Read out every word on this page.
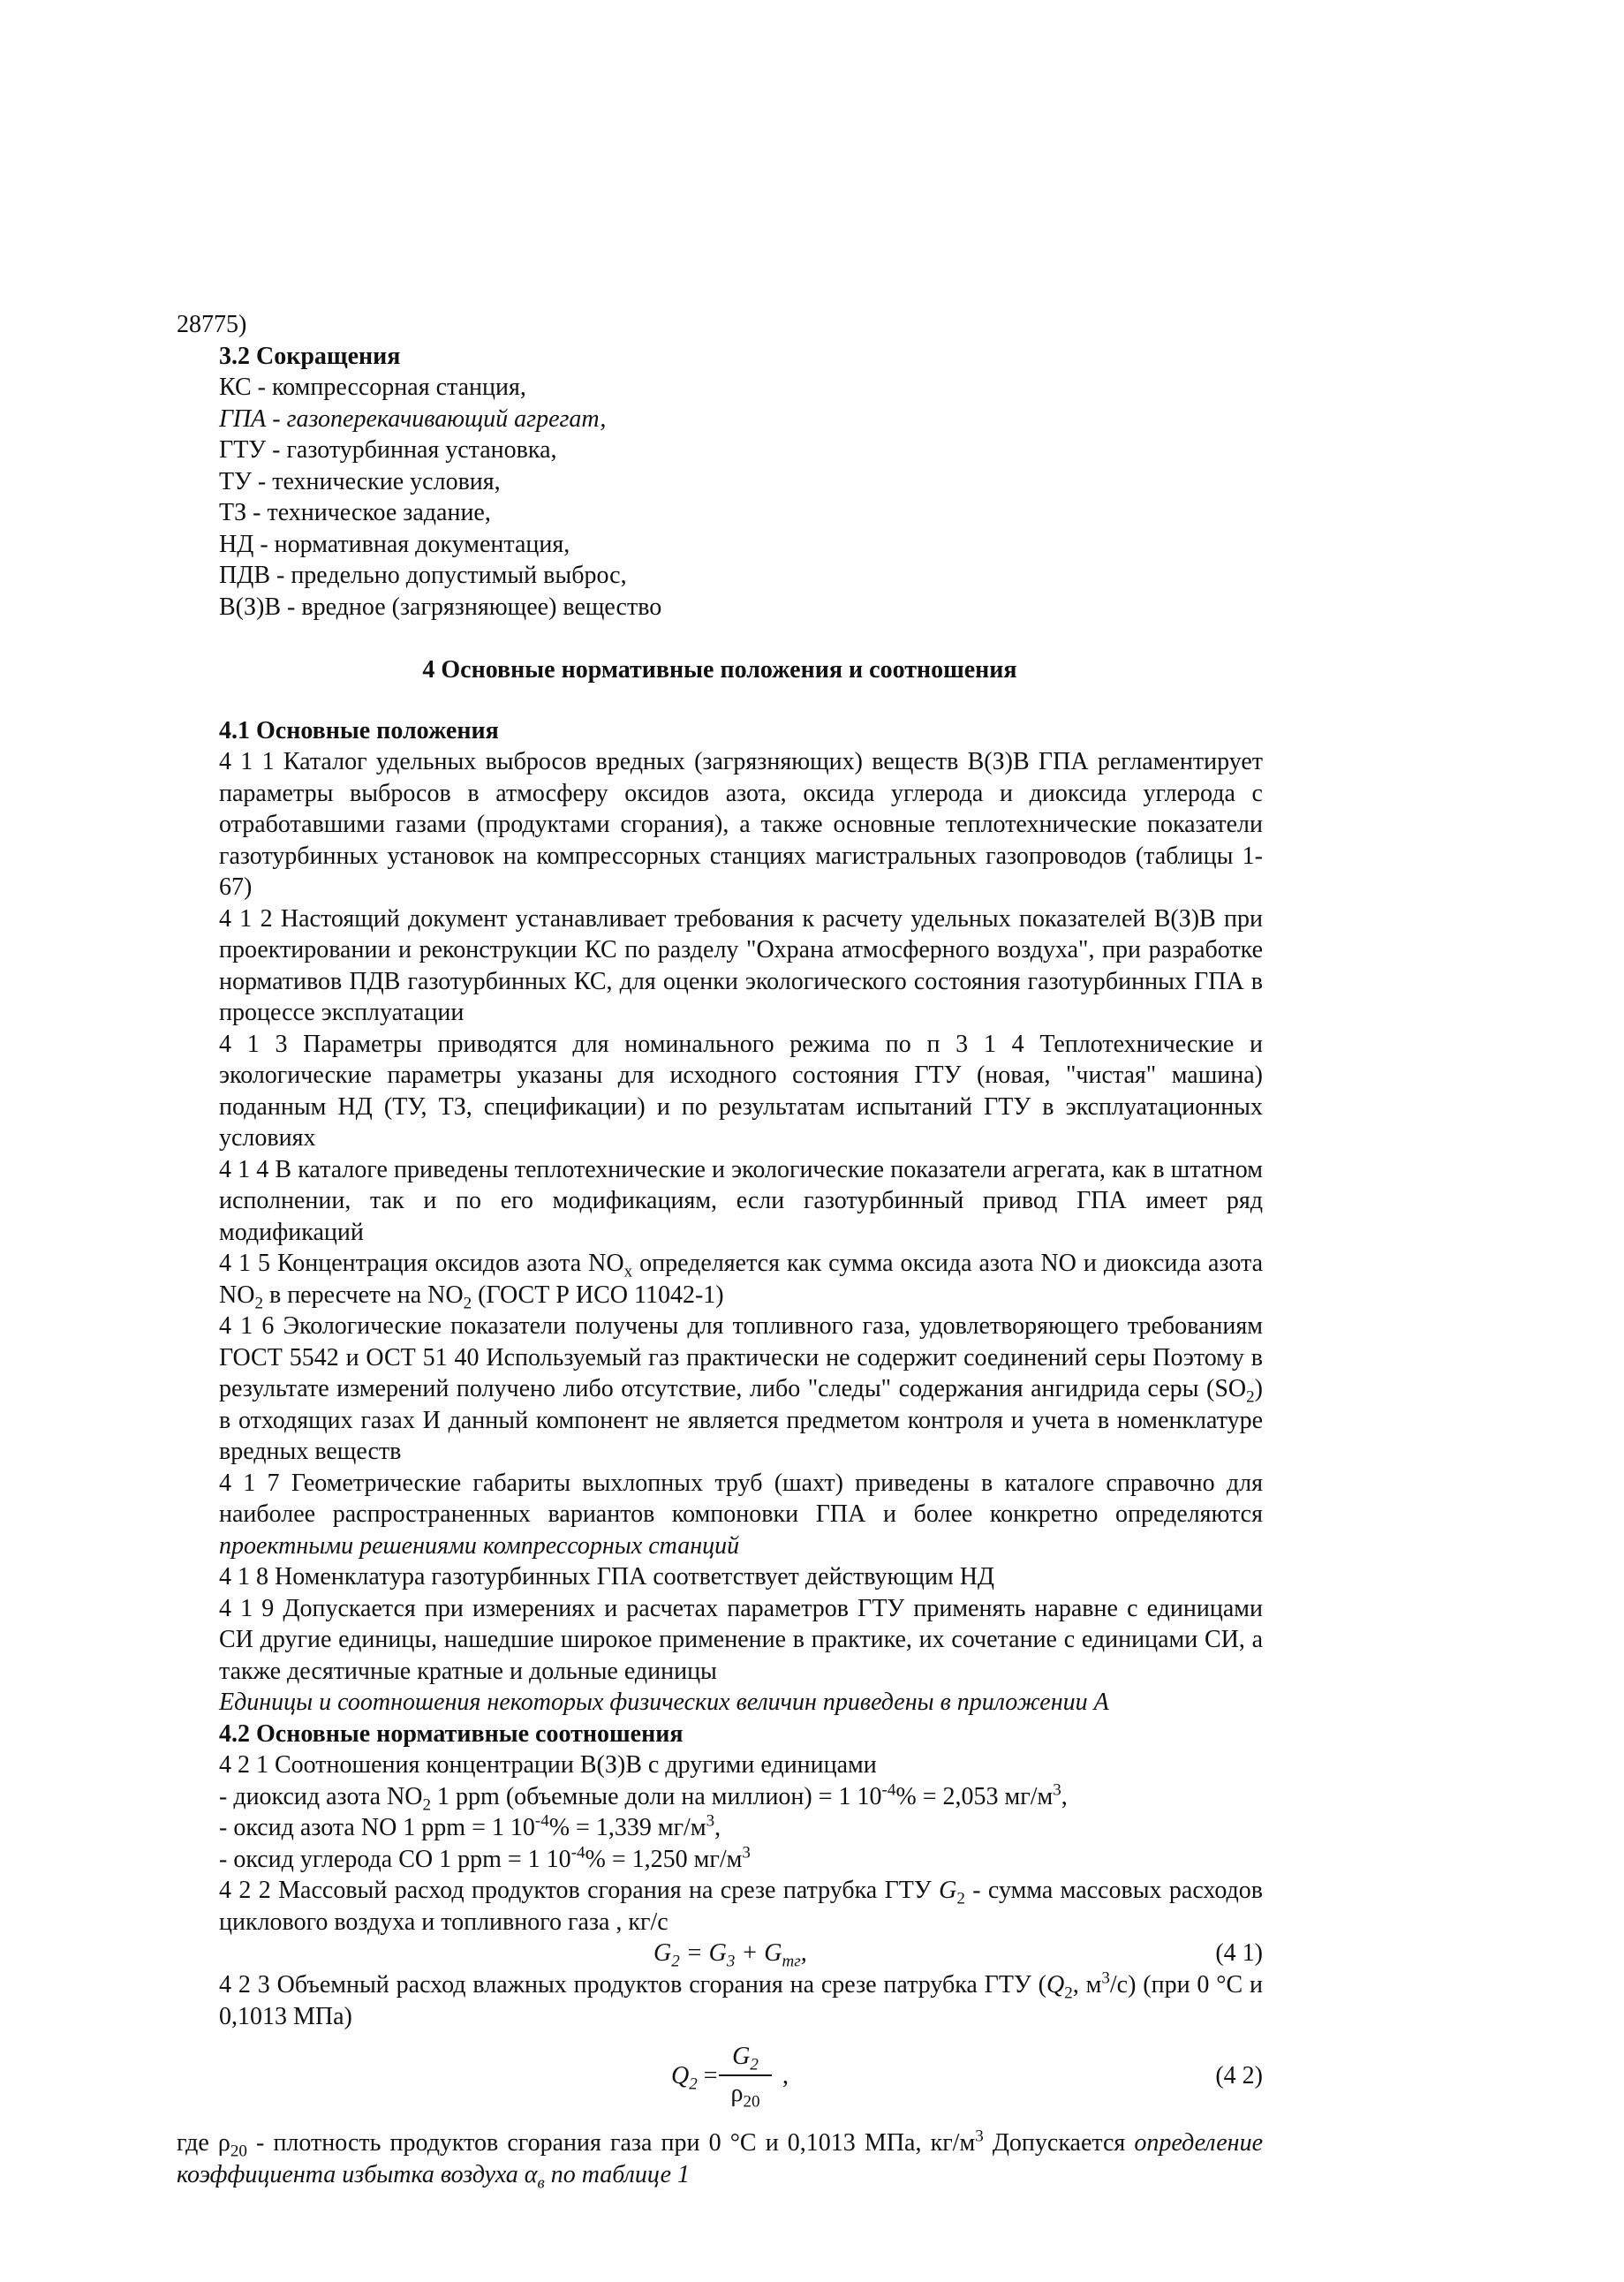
28775)

3.2 Сокращения

КС - компрессорная станция,

ГПА - газоперекачивающий агрегат,

ГТУ - газотурбинная установка,

ТУ - технические условия,

ТЗ - техническое задание,

НД - нормативная документация,

ПДВ - предельно допустимый выброс,

В(З)В - вредное (загрязняющее) вещество

4 Основные нормативные положения и соотношения

4.1 Основные положения

4 1 1 Каталог удельных выбросов вредных (загрязняющих) веществ В(З)В ГПА регламентирует параметры выбросов в атмосферу оксидов азота, оксида углерода и диоксида углерода с отработавшими газами (продуктами сгорания), а также основные теплотехнические показатели газотурбинных установок на компрессорных станциях магистральных газопроводов (таблицы 1-67)

4 1 2 Настоящий документ устанавливает требования к расчету удельных показателей В(З)В при проектировании и реконструкции КС по разделу "Охрана атмосферного воздуха", при разработке нормативов ПДВ газотурбинных КС, для оценки экологического состояния газотурбинных ГПА в процессе эксплуатации

4 1 3 Параметры приводятся для номинального режима по п 3 1 4 Теплотехнические и экологические параметры указаны для исходного состояния ГТУ (новая, "чистая" машина) поданным НД (ТУ, ТЗ, спецификации) и по результатам испытаний ГТУ в эксплуатационных условиях

4 1 4 В каталоге приведены теплотехнические и экологические показатели агрегата, как в штатном исполнении, так и по его модификациям, если газотурбинный привод ГПА имеет ряд модификаций

4 1 5 Концентрация оксидов азота $NO_x$ определяется как сумма оксида азота NO и диоксида азота $NO_2$ в пересчете на $NO_2$ (ГОСТ Р ИСО 11042-1)

4 1 6 Экологические показатели получены для топливного газа, удовлетворяющего требованиям ГОСТ 5542 и ОСТ 51 40 Используемый газ практически не содержит соединений серы Поэтому в результате измерений получено либо отсутствие, либо "следы" содержания ангидрида серы $(SO_2)$ в отходящих газах И данный компонент не является предметом контроля и учета в номенклатуре вредных веществ

4 1 7 Геометрические габариты выхлопных труб (шахт) приведены в каталоге справочно для наиболее распространенных вариантов компоновки ГПА и более конкретно определяются проектными решениями компрессорных станций

4 1 8 Номенклатура газотурбинных ГПА соответствует действующим НД

4 1 9 Допускается при измерениях и расчетах параметров ГТУ применять наравне с единицами СИ другие единицы, нашедшие широкое применение в практике, их сочетание с единицами СИ, а также десятичные кратные и дольные единицы

Единицы и соотношения некоторых физических величин приведены в приложении А

4.2 Основные нормативные соотношения

4 2 1 Соотношения концентрации В(З)В с другими единицами

- диоксид азота $NO_2$ 1 ppm (объемные доли на миллион) = 1 $10^{-4}\% = 2,053$ $мг/м^3$,

- оксид азота NO 1 ppm = 1 $10^{-4}\% = 1,339$ $мг/м^3$,

- оксид углерода CO 1 ppm = 1 $10^{-4}\% = 1,250$ $мг/м^3$

4 2 2 Массовый расход продуктов сгорания на срезе патрубка ГТУ $G_2$ - сумма массовых расходов циклового воздуха и топливного газа , кг/с

$G_2 = G_3 + G_{тг}$,	(4 1)

4 2 3 Объемный расход влажных продуктов сгорания на срезе патрубка ГТУ ($Q_2$, $м^3/с$) (при 0 °С и 0,1013 МПа)

$Q_2 = \frac{G_2}{\rho_{20}}$ ,	(4 2)

где $\rho_{20}$ - плотность продуктов сгорания газа при 0 °С и 0,1013 МПа, $кг/м^3$ Допускается определение коэффициента избытка воздуха $\alpha_в$ по таблице 1
